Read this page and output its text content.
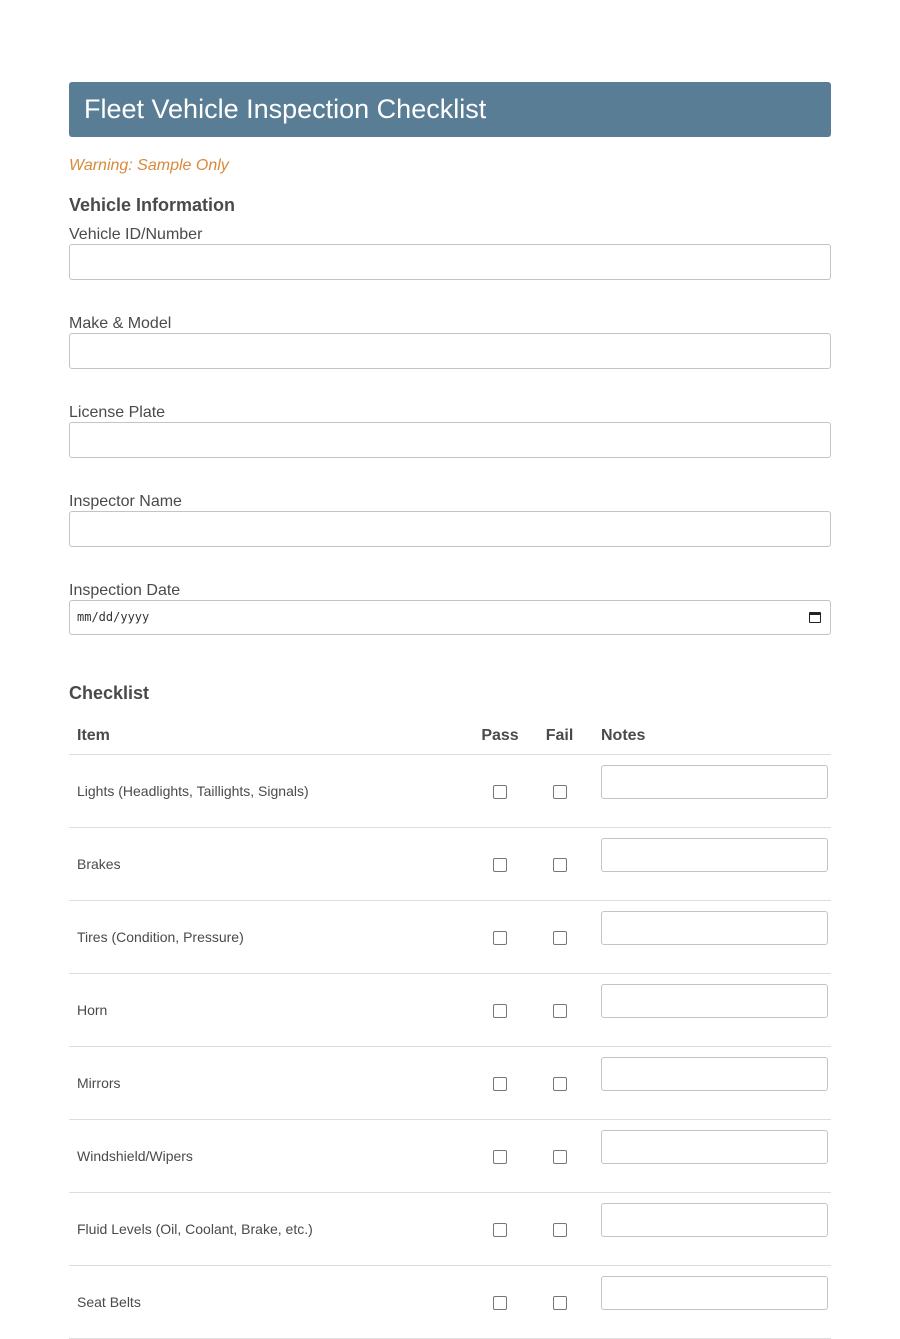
Fleet Vehicle Inspection Checklist
Warning: Sample Only
Vehicle Information
Vehicle ID/Number
Make & Model
License Plate
Inspector Name
Inspection Date
mm/dd/yyyy
Checklist
Item	Pass	Fail	Notes
Lights (Headlights, Taillights, Signals)			

Brakes			

Tires (Condition, Pressure)			

Horn			

Mirrors			

Windshield/Wipers			

Fluid Levels (Oil, Coolant, Brake, etc.)			

Seat Belts			
